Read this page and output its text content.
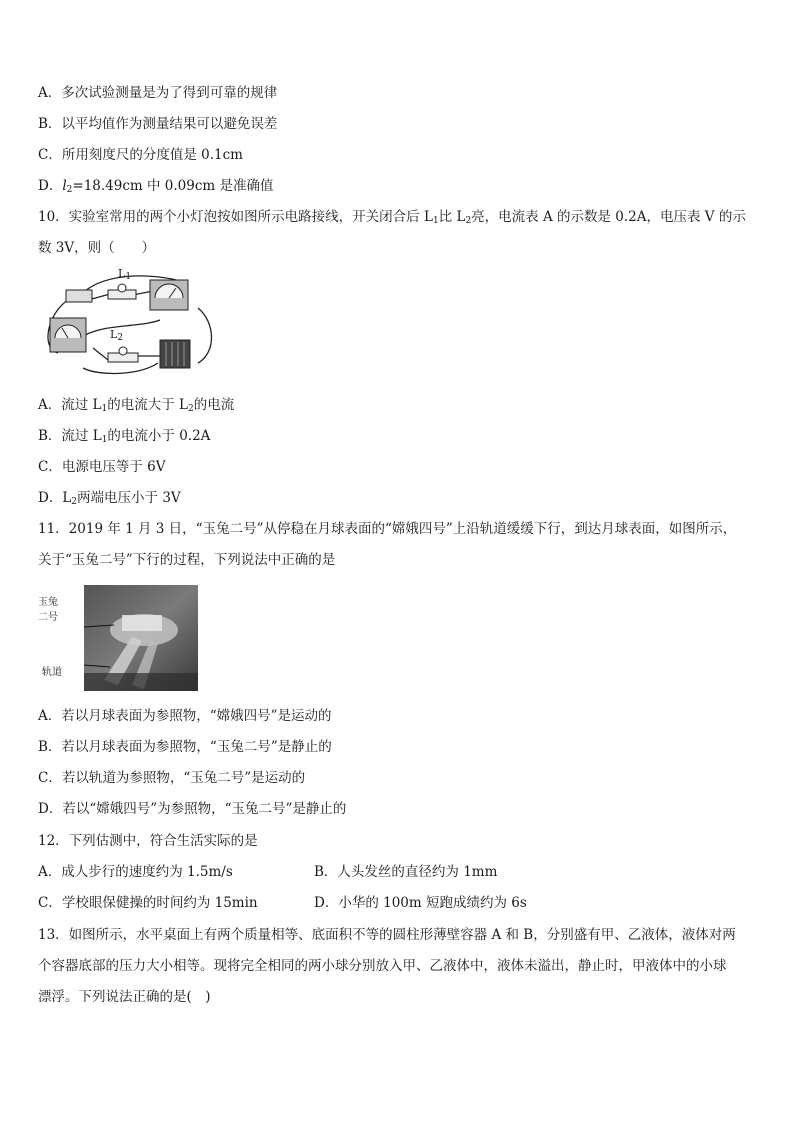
A．多次试验测量是为了得到可靠的规律
B．以平均值作为测量结果可以避免误差
C．所用刻度尺的分度值是 0.1cm
D．$l_2=18.49cm$ 中 0.09cm 是准确值
10．实验室常用的两个小灯泡按如图所示电路接线，开关闭合后 $L_1$比 $L_2$亮，电流表 A 的示数是 0.2A，电压表 V 的示
数 3V，则（　　）
$L_1$
$L_2$
A．流过 $L_1$的电流大于 $L_2$的电流
B．流过 $L_1$的电流小于 0.2A
C．电源电压等于 6V
D．$L_2$两端电压小于 3V
11．2019 年 1 月 3 日，“玉兔二号”从停稳在月球表面的“嫦娥四号”上沿轨道缓缓下行，到达月球表面，如图所示，
关于“玉兔二号”下行的过程，下列说法中正确的是
玉兔
二号
轨道
A．若以月球表面为参照物，“嫦娥四号”是运动的
B．若以月球表面为参照物，“玉兔二号”是静止的
C．若以轨道为参照物，“玉兔二号”是运动的
D．若以“嫦娥四号”为参照物，“玉兔二号”是静止的
12．下列估测中，符合生活实际的是
A．成人步行的速度约为 1.5m/s	B．人头发丝的直径约为 1mm
C．学校眼保健操的时间约为 15min	D．小华的 100m 短跑成绩约为 6s
13．如图所示，水平桌面上有两个质量相等、底面积不等的圆柱形薄壁容器 A 和 B，分别盛有甲、乙液体，液体对两
个容器底部的压力大小相等。现将完全相同的两小球分别放入甲、乙液体中，液体未溢出，静止时，甲液体中的小球
漂浮。下列说法正确的是(　)
